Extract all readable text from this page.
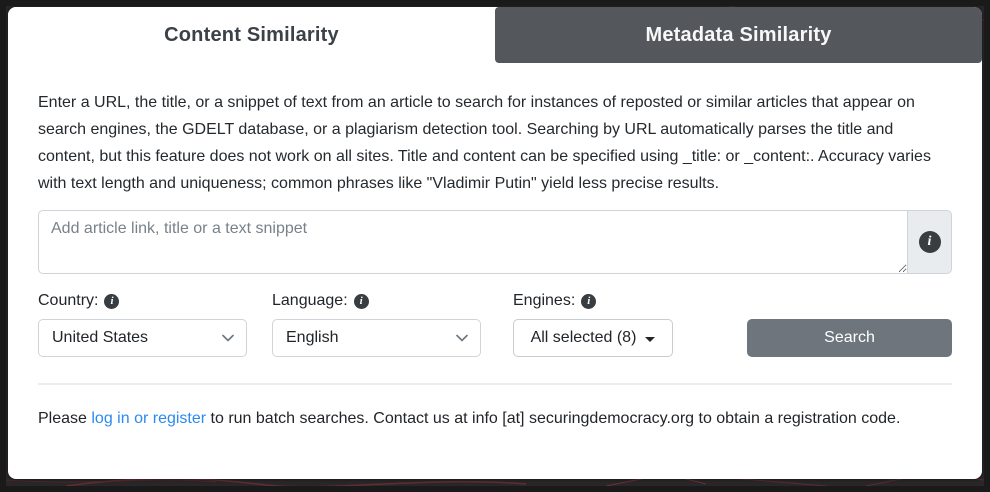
Content Similarity	Metadata Similarity

Enter a URL, the title, or a snippet of text from an article to search for instances of reposted or similar articles that appear on search engines, the GDELT database, or a plagiarism detection tool. Searching by URL automatically parses the title and content, but this feature does not work on all sites. Title and content can be specified using _title: or _content:. Accuracy varies with text length and uniqueness; common phrases like "Vladimir Putin" yield less precise results.

Add article link, title or a text snippet
i
Country:	i
United States
Language:	i
English
Engines:	i
All selected (8)	Search

Please log in or register to run batch searches. Contact us at info [at] securingdemocracy.org to obtain a registration code.
